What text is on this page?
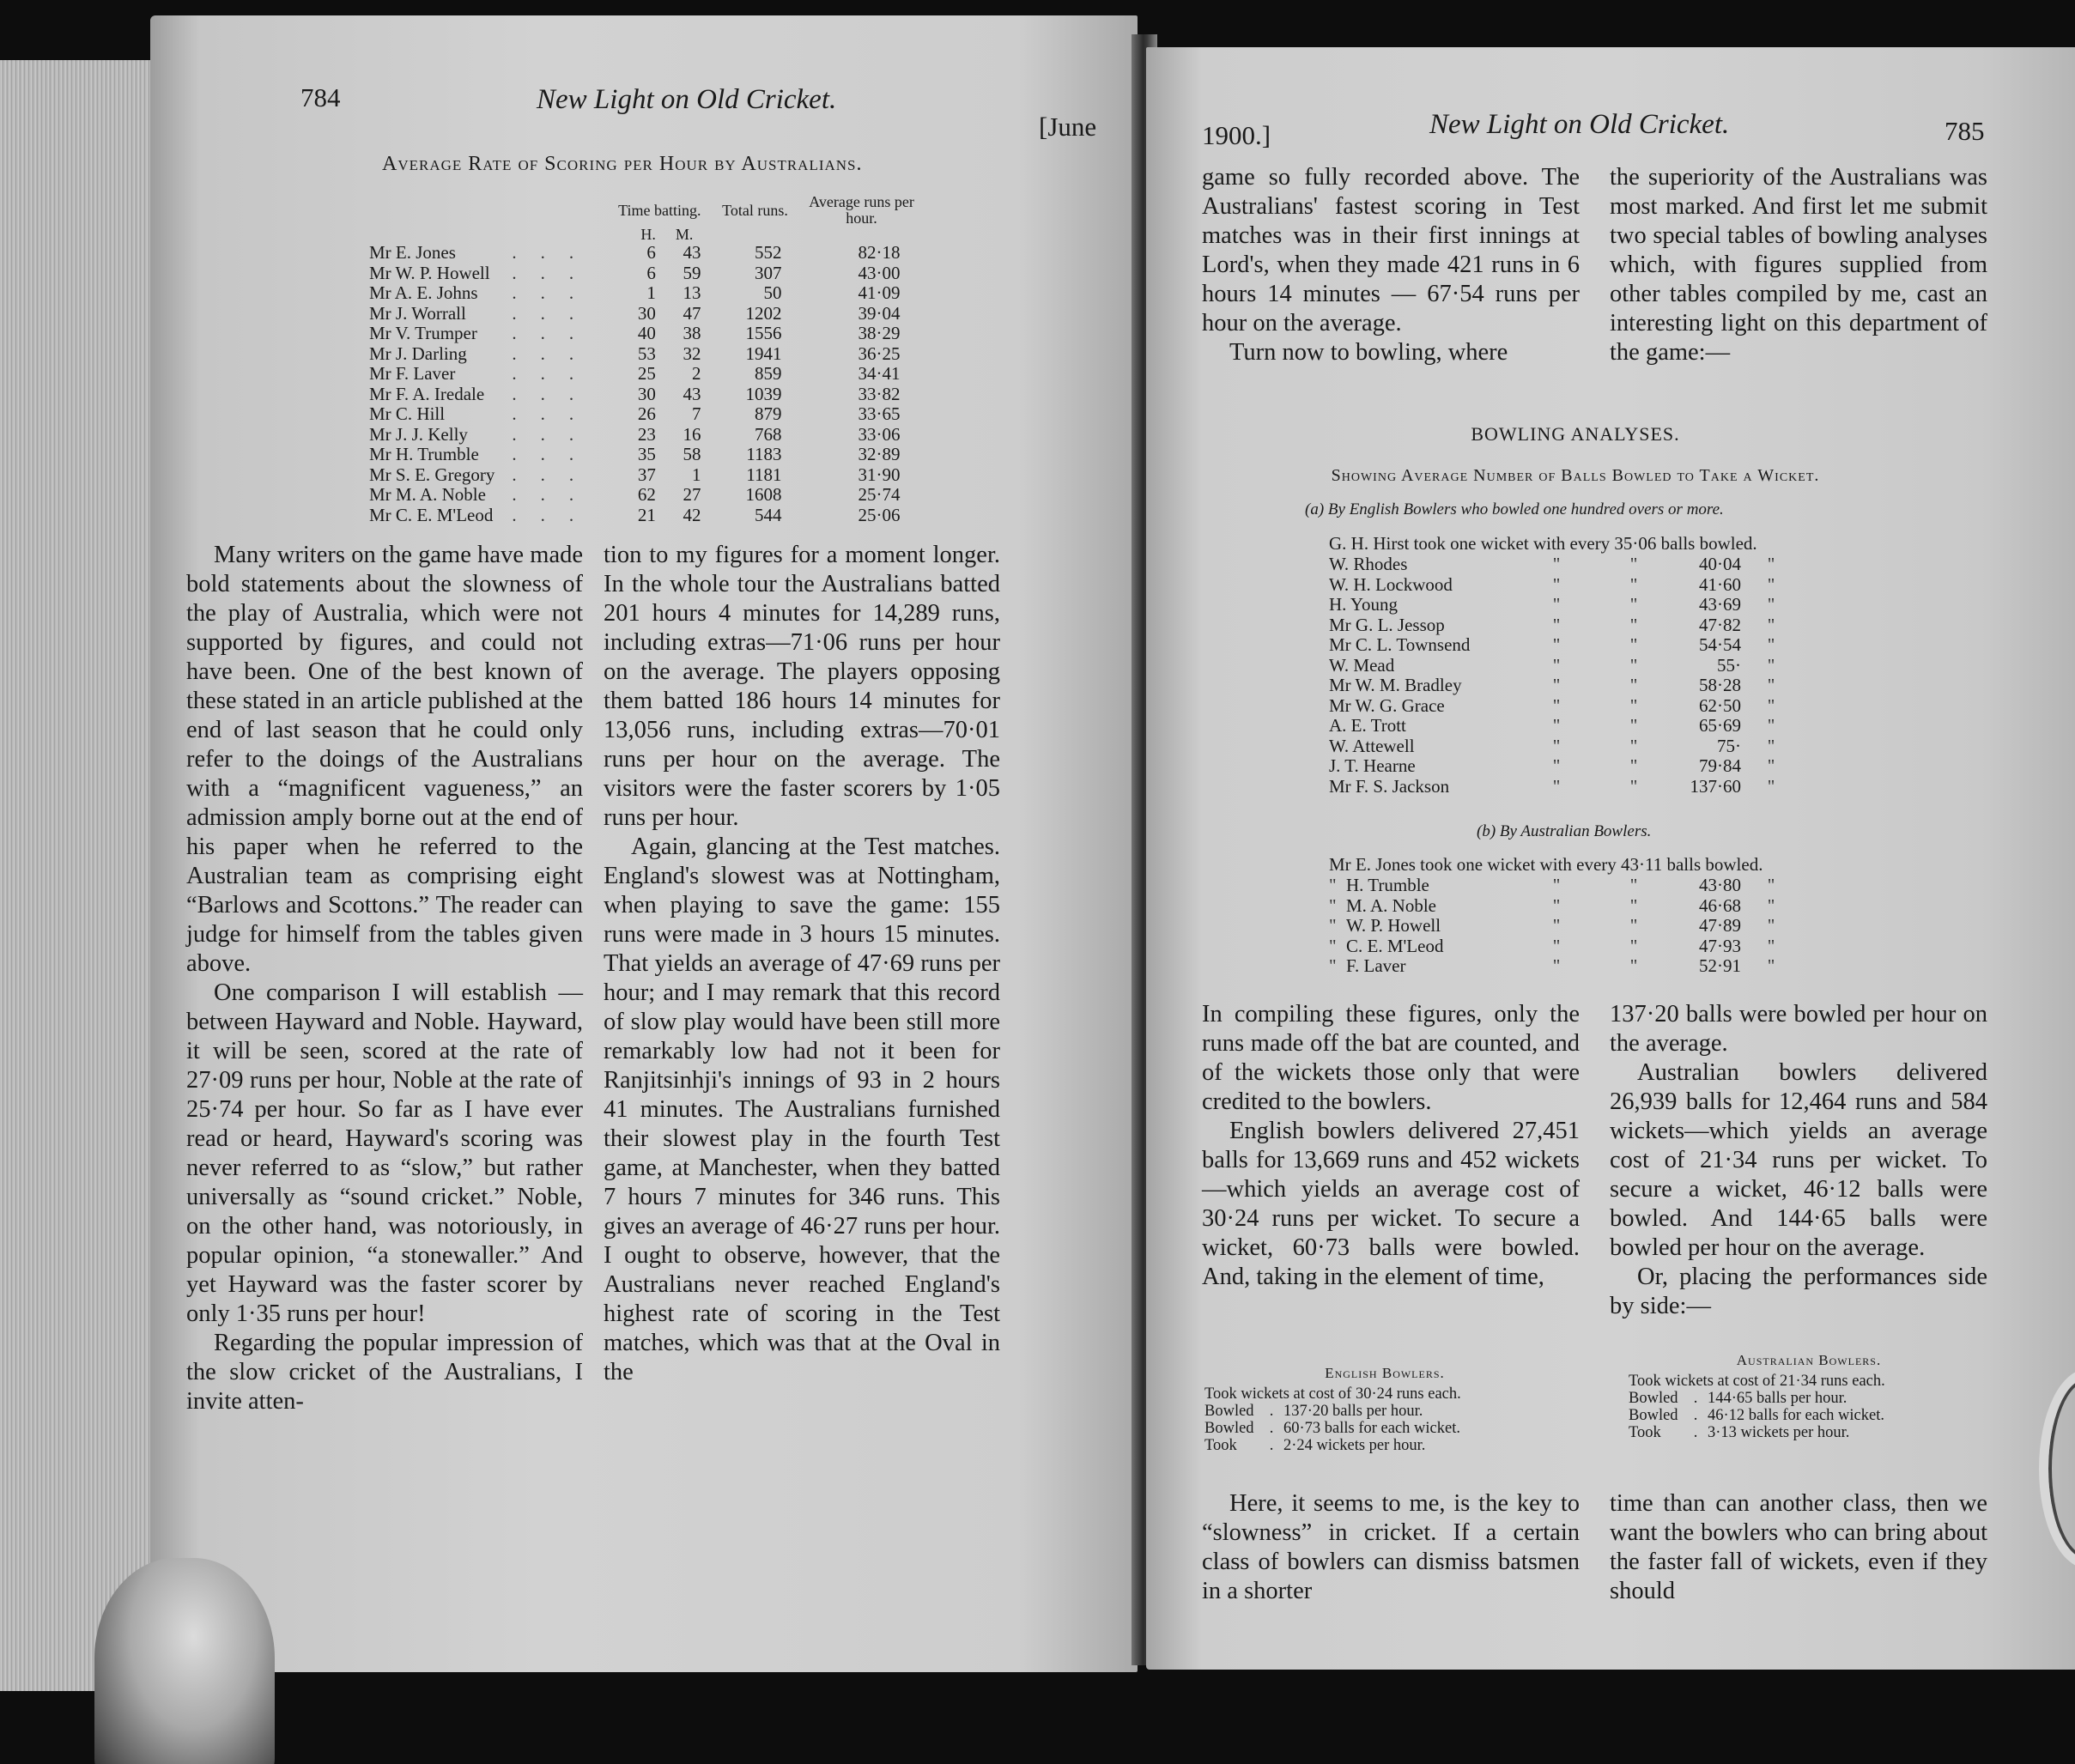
784	New Light on Old Cricket.
[June
Average Rate of Scoring per Hour by Australians.
		Time batting.		Total runs.	Average runs per hour.
		H.	M.		
Mr E. Jones	...	6	43	552	82·18
Mr W. P. Howell	...	6	59	307	43·00
Mr A. E. Johns	...	1	13	50	41·09
Mr J. Worrall	...	30	47	1202	39·04
Mr V. Trumper	...	40	38	1556	38·29
Mr J. Darling	...	53	32	1941	36·25
Mr F. Laver	...	25	2	859	34·41
Mr F. A. Iredale	...	30	43	1039	33·82
Mr C. Hill	...	26	7	879	33·65
Mr J. J. Kelly	...	23	16	768	33·06
Mr H. Trumble	...	35	58	1183	32·89
Mr S. E. Gregory	...	37	1	1181	31·90
Mr M. A. Noble	...	62	27	1608	25·74
Mr C. E. M'Leod	...	21	42	544	25·06

Many writers on the game have made bold statements about the slowness of the play of Australia, which were not supported by figures, and could not have been. One of the best known of these stated in an article published at the end of last season that he could only refer to the doings of the Australians with a “magnificent vagueness,” an admission amply borne out at the end of his paper when he referred to the Australian team as comprising eight “Barlows and Scottons.” The reader can judge for himself from the tables given above.

One comparison I will establish — between Hayward and Noble. Hayward, it will be seen, scored at the rate of 27·09 runs per hour, Noble at the rate of 25·74 per hour. So far as I have ever read or heard, Hayward's scoring was never referred to as “slow,” but rather universally as “sound cricket.” Noble, on the other hand, was notoriously, in popular opinion, “a stonewaller.” And yet Hayward was the faster scorer by only 1·35 runs per hour!

Regarding the popular impression of the slow cricket of the Australians, I invite atten-

tion to my figures for a moment longer. In the whole tour the Australians batted 201 hours 4 minutes for 14,289 runs, including extras—71·06 runs per hour on the average. The players opposing them batted 186 hours 14 minutes for 13,056 runs, including extras—70·01 runs per hour on the average. The visitors were the faster scorers by 1·05 runs per hour.

Again, glancing at the Test matches. England's slowest was at Nottingham, when playing to save the game: 155 runs were made in 3 hours 15 minutes. That yields an average of 47·69 runs per hour; and I may remark that this record of slow play would have been still more remarkably low had not it been for Ranjitsinhji's innings of 93 in 2 hours 41 minutes. The Australians furnished their slowest play in the fourth Test game, at Manchester, when they batted 7 hours 7 minutes for 346 runs. This gives an average of 46·27 runs per hour. I ought to observe, however, that the Australians never reached England's highest rate of scoring in the Test matches, which was that at the Oval in the

1900.]	New Light on Old Cricket.	785

game so fully recorded above. The Australians' fastest scoring in Test matches was in their first innings at Lord's, when they made 421 runs in 6 hours 14 minutes — 67·54 runs per hour on the average.

Turn now to bowling, where

the superiority of the Australians was most marked. And first let me submit two special tables of bowling analyses which, with figures supplied from other tables compiled by me, cast an interesting light on this department of the game:—

BOWLING ANALYSES.
Showing Average Number of Balls Bowled to Take a Wicket.
(a) By English Bowlers who bowled one hundred overs or more.
G. H. Hirst took one wicket with every 35·06 balls bowled.
W. Rhodes	"	"	40·04	"
W. H. Lockwood	"	"	41·60	"
H. Young	"	"	43·69	"
Mr G. L. Jessop	"	"	47·82	"
Mr C. L. Townsend	"	"	54·54	"
W. Mead	"	"	55·	"
Mr W. M. Bradley	"	"	58·28	"
Mr W. G. Grace	"	"	62·50	"
A. E. Trott	"	"	65·69	"
W. Attewell	"	"	75·	"
J. T. Hearne	"	"	79·84	"
Mr F. S. Jackson	"	"	137·60	"
(b) By Australian Bowlers.
Mr E. Jones took one wicket with every 43·11 balls bowled.
"	H. Trumble	"	"	43·80	"
"	M. A. Noble	"	"	46·68	"
"	W. P. Howell	"	"	47·89	"
"	C. E. M'Leod	"	"	47·93	"
"	F. Laver	"	"	52·91	"

In compiling these figures, only the runs made off the bat are counted, and of the wickets those only that were credited to the bowlers.

English bowlers delivered 27,451 balls for 13,669 runs and 452 wickets—which yields an average cost of 30·24 runs per wicket. To secure a wicket, 60·73 balls were bowled. And, taking in the element of time,

137·20 balls were bowled per hour on the average.

Australian bowlers delivered 26,939 balls for 12,464 runs and 584 wickets—which yields an average cost of 21·34 runs per wicket. To secure a wicket, 46·12 balls were bowled. And 144·65 balls were bowled per hour on the average.

Or, placing the performances side by side:—

English Bowlers.		
Took wickets at cost of 30·24 runs each.		
Bowled	.	137·20 balls per hour.
Bowled	.	60·73 balls for each wicket.
Took	.	2·24 wickets per hour.
Australian Bowlers.		
Took wickets at cost of 21·34 runs each.		
Bowled	.	144·65 balls per hour.
Bowled	.	46·12 balls for each wicket.
Took	.	3·13 wickets per hour.

Here, it seems to me, is the key to “slowness” in cricket. If a certain class of bowlers can dismiss batsmen in a shorter

time than can another class, then we want the bowlers who can bring about the faster fall of wickets, even if they should
